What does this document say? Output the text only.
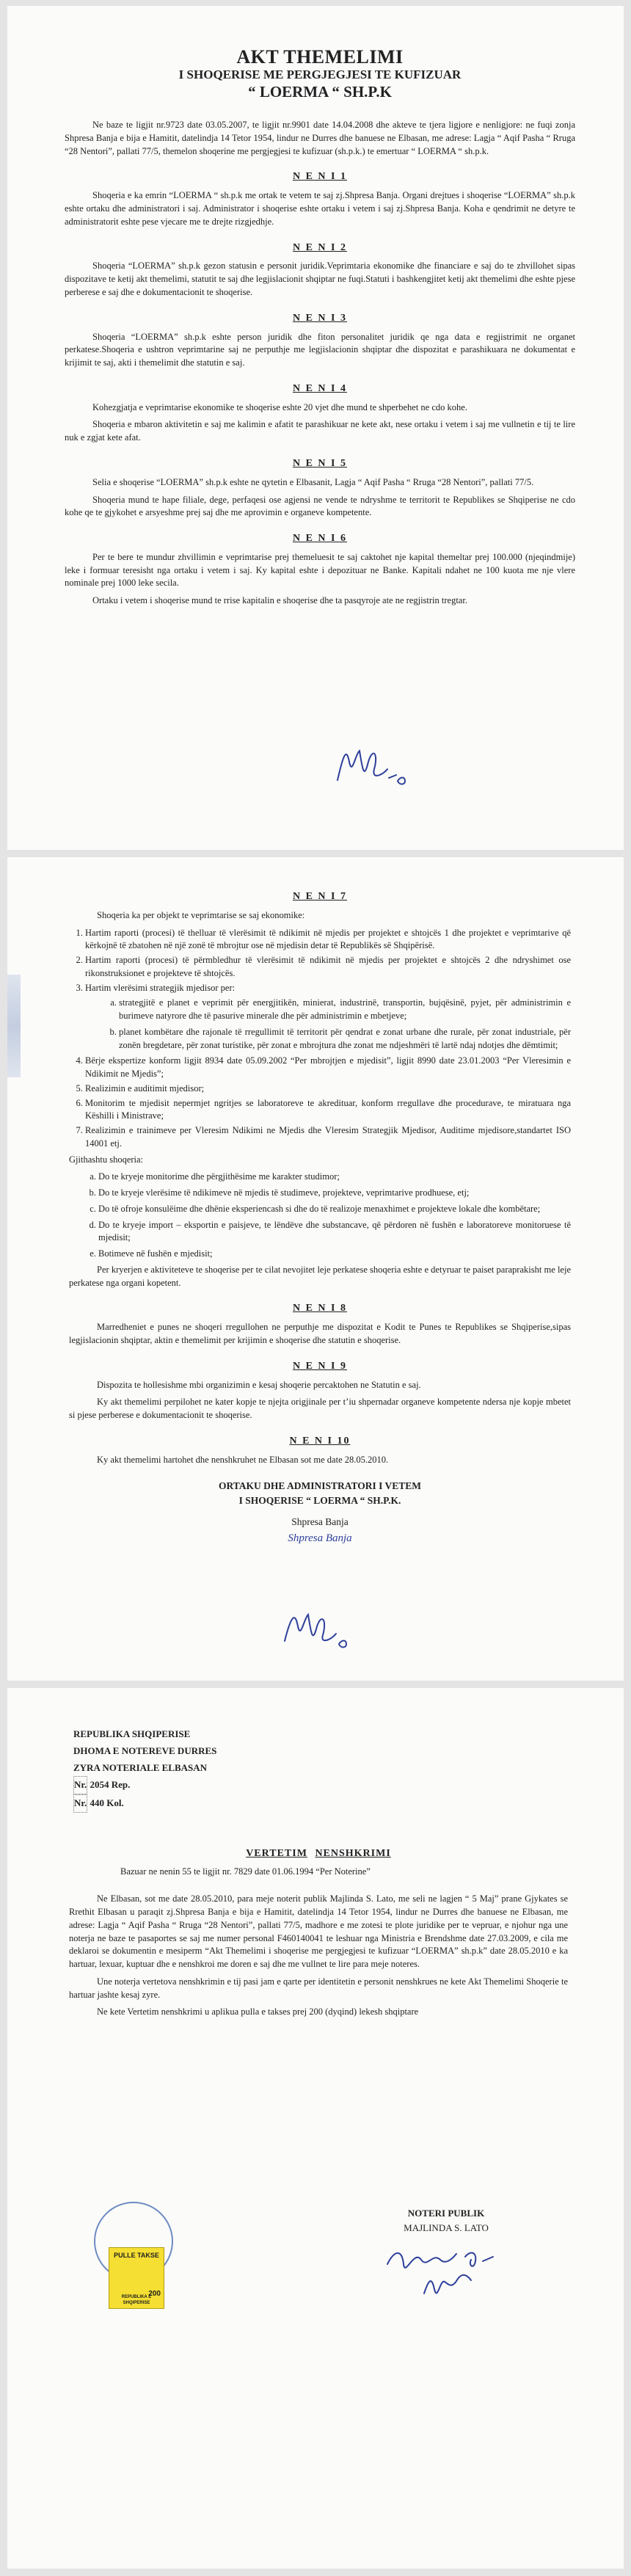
AKT THEMELIMI
I SHOQERISE ME PERGJEGJESI TE KUFIZUAR
“ LOERMA “ SH.P.K

Ne baze te ligjit nr.9723 date 03.05.2007, te ligjit nr.9901 date 14.04.2008 dhe akteve te tjera ligjore e nenligjore: ne fuqi zonja Shpresa Banja e bija e Hamitit, datelindja 14 Tetor 1954, lindur ne Durres dhe banuese ne Elbasan, me adrese: Lagja “ Aqif Pasha “ Rruga “28 Nentori”, pallati 77/5, themelon shoqerine me pergjegjesi te kufizuar (sh.p.k.) te emertuar “ LOERMA “ sh.p.k.

N E N I 1

Shoqeria e ka emrin “LOERMA “ sh.p.k me ortak te vetem te saj zj.Shpresa Banja. Organi drejtues i shoqerise “LOERMA” sh.p.k eshte ortaku dhe administratori i saj. Administrator i shoqerise eshte ortaku i vetem i saj zj.Shpresa Banja. Koha e qendrimit ne detyre te administratorit eshte pese vjecare me te drejte rizgjedhje.

N E N I 2

Shoqeria “LOERMA” sh.p.k gezon statusin e personit juridik.Veprimtaria ekonomike dhe financiare e saj do te zhvillohet sipas dispozitave te ketij akt themelimi, statutit te saj dhe legjislacionit shqiptar ne fuqi.Statuti i bashkengjitet ketij akt themelimi dhe eshte pjese perberese e saj dhe e dokumentacionit te shoqerise.

N E N I 3

Shoqeria “LOERMA” sh.p.k eshte person juridik dhe fiton personalitet juridik qe nga data e regjistrimit ne organet perkatese.Shoqeria e ushtron veprimtarine saj ne perputhje me legjislacionin shqiptar dhe dispozitat e parashikuara ne dokumentat e krijimit te saj, akti i themelimit dhe statutin e saj.

N E N I 4

Kohezgjatja e veprimtarise ekonomike te shoqerise eshte 20 vjet dhe mund te shperbehet ne cdo kohe.

Shoqeria e mbaron aktivitetin e saj me kalimin e afatit te parashikuar ne kete akt, nese ortaku i vetem i saj me vullnetin e tij te lire nuk e zgjat kete afat.

N E N I 5

Selia e shoqerise “LOERMA” sh.p.k eshte ne qytetin e Elbasanit, Lagja “ Aqif Pasha “ Rruga “28 Nentori”, pallati 77/5.

Shoqeria mund te hape filiale, dege, perfaqesi ose agjensi ne vende te ndryshme te territorit te Republikes se Shqiperise ne cdo kohe qe te gjykohet e arsyeshme prej saj dhe me aprovimin e organeve kompetente.

N E N I 6

Per te bere te mundur zhvillimin e veprimtarise prej themeluesit te saj caktohet nje kapital themeltar prej 100.000 (njeqindmije) leke i formuar teresisht nga ortaku i vetem i saj. Ky kapital eshte i depozituar ne Banke. Kapitali ndahet ne 100 kuota me nje vlere nominale prej 1000 leke secila.

Ortaku i vetem i shoqerise mund te rrise kapitalin e shoqerise dhe ta pasqyroje ate ne regjistrin tregtar.

N E N I 7

Shoqeria ka per objekt te veprimtarise se saj ekonomike:

1. Hartim raporti (procesi) të thelluar të vlerësimit të ndikimit në mjedis per projektet e shtojcës 1 dhe projektet e veprimtarive që kërkojnë të zbatohen në një zonë të mbrojtur ose në mjedisin detar të Republikës së Shqipërisë.
2. Hartim raporti (procesi) të përmbledhur të vlerësimit të ndikimit në mjedis per projektet e shtojcës 2 dhe ndryshimet ose rikonstruksionet e projekteve të shtojcës.
3. Hartim vlerësimi strategjik mjedisor per:
a. strategjitë e planet e veprimit për energjitikën, minierat, industrinë, transportin, bujqësinë, pyjet, për administrimin e burimeve natyrore dhe të pasurive minerale dhe për administrimin e mbetjeve;
b. planet kombëtare dhe rajonale të rregullimit të territorit për qendrat e zonat urbane dhe rurale, për zonat industriale, për zonën bregdetare, për zonat turistike, për zonat e mbrojtura dhe zonat me ndjeshmëri të lartë ndaj ndotjes dhe dëmtimit;
4. Bërje ekspertize konform ligjit 8934 date 05.09.2002 “Per mbrojtjen e mjedisit”, ligjit 8990 date 23.01.2003 “Per Vleresimin e Ndikimit ne Mjedis”;
5. Realizimin e auditimit mjedisor;
6. Monitorim te mjedisit nepermjet ngritjes se laboratoreve te akredituar, konform rregullave dhe procedurave, te miratuara nga Këshilli i Ministrave;
7. Realizimin e trainimeve per Vleresim Ndikimi ne Mjedis dhe Vleresim Strategjik Mjedisor, Auditime mjedisore,standartet ISO 14001 etj.

Gjithashtu shoqeria:

a. Do te kryeje monitorime dhe përgjithësime me karakter studimor;
b. Do te kryeje vlerësime të ndikimeve në mjedis të studimeve, projekteve, veprimtarive prodhuese, etj;
c. Do të ofroje konsulëime dhe dhënie eksperiencash si dhe do të realizoje menaxhimet e projekteve lokale dhe kombëtare;
d. Do te kryeje import – eksportin e paisjeve, te lëndëve dhe substancave, që përdoren në fushën e laboratoreve monitoruese të mjedisit;
e. Botimeve në fushën e mjedisit;

Per kryerjen e aktiviteteve te shoqerise per te cilat nevojitet leje perkatese shoqeria eshte e detyruar te paiset paraprakisht me leje perkatese nga organi kopetent.

N E N I 8

Marredheniet e punes ne shoqeri rregullohen ne perputhje me dispozitat e Kodit te Punes te Republikes se Shqiperise,sipas legjislacionin shqiptar, aktin e themelimit per krijimin e shoqerise dhe statutin e shoqerise.

N E N I 9

Dispozita te hollesishme mbi organizimin e kesaj shoqerie percaktohen ne Statutin e saj.

Ky akt themelimi perpilohet ne kater kopje te njejta origjinale per t’iu shpernadar organeve kompetente ndersa nje kopje mbetet si pjese perberese e dokumentacionit te shoqerise.

N E N I 10

Ky akt themelimi hartohet dhe nenshkruhet ne Elbasan sot me date 28.05.2010.

ORTAKU DHE ADMINISTRATORI I VETEM
I SHOQERISE “ LOERMA “ SH.P.K.
Shpresa Banja
Shpresa Banja
REPUBLIKA SHQIPERISE
DHOMA E NOTEREVE DURRES
ZYRA NOTERIALE ELBASAN
Nr. 2054 Rep.
Nr. 440 Kol.
VERTETIM NENSHKRIMI

Bazuar ne nenin 55 te ligjit nr. 7829 date 01.06.1994 “Per Noterine”

Ne Elbasan, sot me date 28.05.2010, para meje noterit publik Majlinda S. Lato, me seli ne lagjen “ 5 Maj” prane Gjykates se Rrethit Elbasan u paraqit zj.Shpresa Banja e bija e Hamitit, datelindja 14 Tetor 1954, lindur ne Durres dhe banuese ne Elbasan, me adrese: Lagja “ Aqif Pasha “ Rruga “28 Nentori”, pallati 77/5, madhore e me zotesi te plote juridike per te vepruar, e njohur nga une noterja ne baze te pasaportes se saj me numer personal F460140041 te leshuar nga Ministria e Brendshme date 27.03.2009, e cila me deklaroi se dokumentin e mesiperm “Akt Themelimi i shoqerise me pergjegjesi te kufizuar “LOERMA” sh.p.k” date 28.05.2010 e ka hartuar, lexuar, kuptuar dhe e nenshkroi me doren e saj dhe me vullnet te lire para meje noteres.

Une noterja vertetova nenshkrimin e tij pasi jam e qarte per identitetin e personit nenshkrues ne kete Akt Themelimi Shoqerie te hartuar jashte kesaj zyre.

Ne kete Vertetim nenshkrimi u aplikua pulla e takses prej 200 (dyqind) lekesh shqiptare

PULLE TAKSE
200
REPUBLIKA E SHQIPERISE
NOTERI PUBLIK
MAJLINDA S. LATO
